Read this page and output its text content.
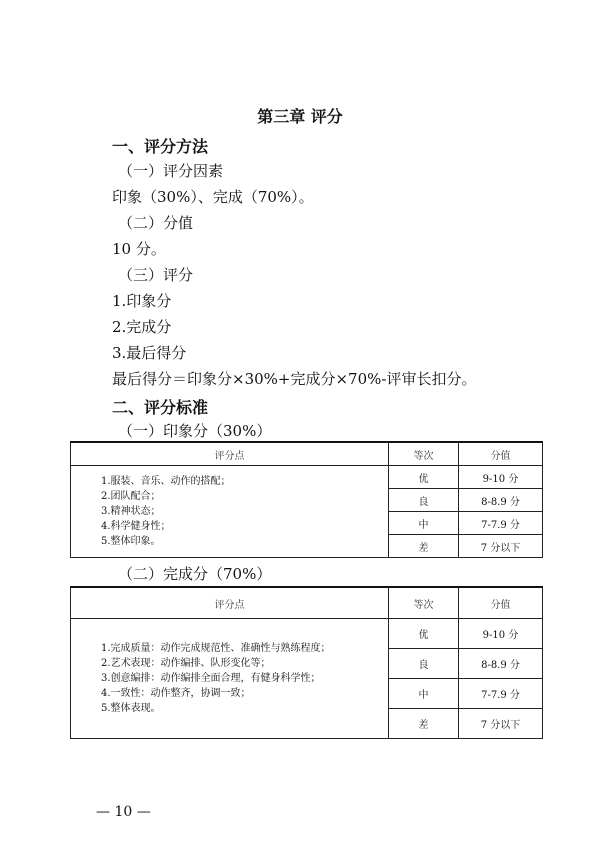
第三章 评分
一、评分方法
（一）评分因素
印象（30%）、完成（70%）。
（二）分值
10 分。
（三）评分
1.印象分
2.完成分
3.最后得分
最后得分＝印象分×30%+完成分×70%-评审长扣分。
二、评分标准
（一）印象分（30%）
评分点	等次	分值

1.服装、音乐、动作的搭配；
2.团队配合；
3.精神状态；
4.科学健身性；
5.整体印象。	优	9-10 分
	良	8-8.9 分
	中	7-7.9 分
	差	7 分以下
（二）完成分（70%）
评分点	等次	分值

1.完成质量：动作完成规范性、准确性与熟练程度；
2.艺术表现：动作编排、队形变化等；
3.创意编排：动作编排全面合理，有健身科学性；
4.一致性：动作整齐，协调一致；
5.整体表现。	优	9-10 分
	良	8-8.9 分
	中	7-7.9 分
	差	7 分以下
— 10 —
